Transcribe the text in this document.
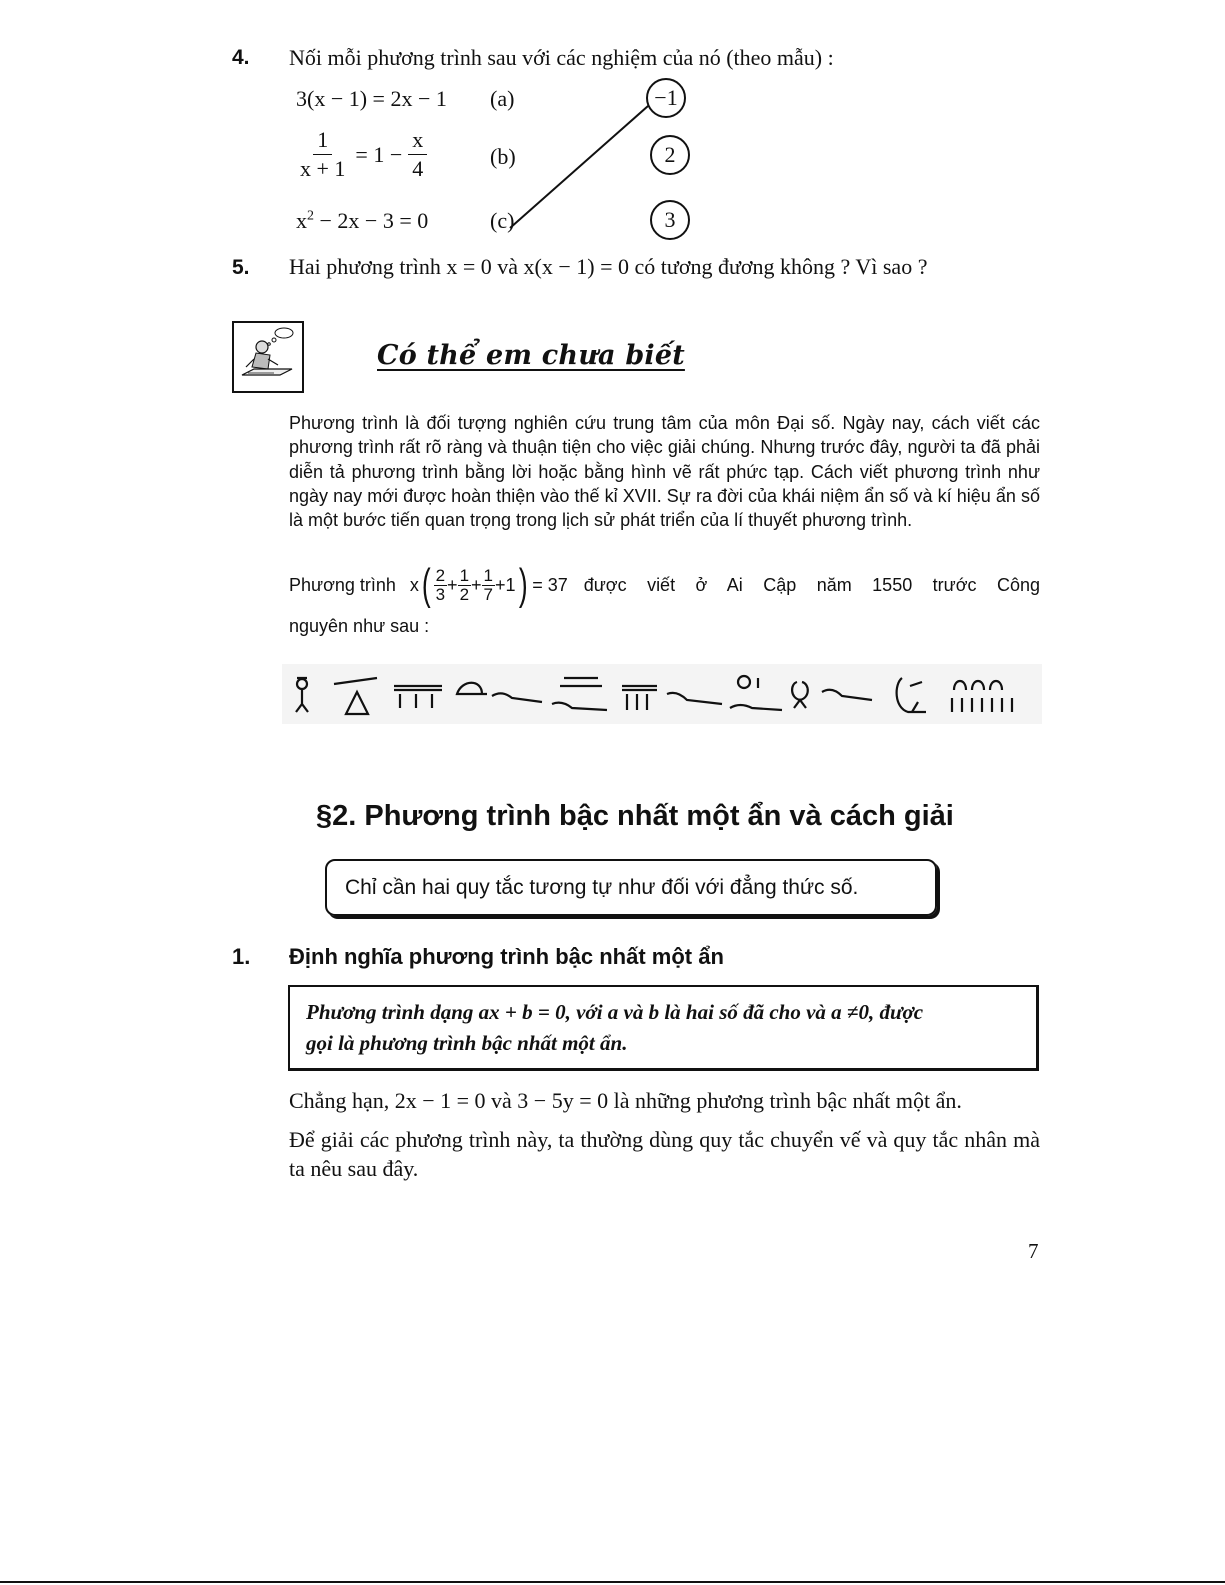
4. Nối mỗi phương trình sau với các nghiệm của nó (theo mẫu) :
3(x − 1) = 2x − 1 (a)
$\frac{1}{x + 1} = 1 - \frac{x}{4}$	(b)
$x^2 - 2x - 3 = 0$	(c)
−1
2
3
5. Hai phương trình x = 0 và x(x − 1) = 0 có tương đương không ? Vì sao ?
Có thể em chưa biết
Phương trình là đối tượng nghiên cứu trung tâm của môn Đại số. Ngày nay, cách viết các phương trình rất rõ ràng và thuận tiện cho việc giải chúng. Nhưng trước đây, người ta đã phải diễn tả phương trình bằng lời hoặc bằng hình vẽ rất phức tạp. Cách viết phương trình như ngày nay mới được hoàn thiện vào thế kỉ XVII. Sự ra đời của khái niệm ẩn số và kí hiệu ẩn số là một bước tiến quan trọng trong lịch sử phát triển của lí thuyết phương trình.
Phương trình x ( $\frac{2}{3} + \frac{1}{2} + \frac{1}{7} +1$ ) = 37 được viết ở Ai Cập năm 1550 trước Công
nguyên như sau :
§2. Phương trình bậc nhất một ẩn và cách giải
Chỉ cần hai quy tắc tương tự như đối với đẳng thức số.
1. Định nghĩa phương trình bậc nhất một ẩn
Phương trình dạng ax + b = 0, với a và b là hai số đã cho và a ≠0, được
gọi là phương trình bậc nhất một ẩn.
Chẳng hạn, 2x − 1 = 0 và 3 − 5y = 0 là những phương trình bậc nhất một ẩn.
Để giải các phương trình này, ta thường dùng quy tắc chuyển vế và quy tắc nhân mà ta nêu sau đây.
7
